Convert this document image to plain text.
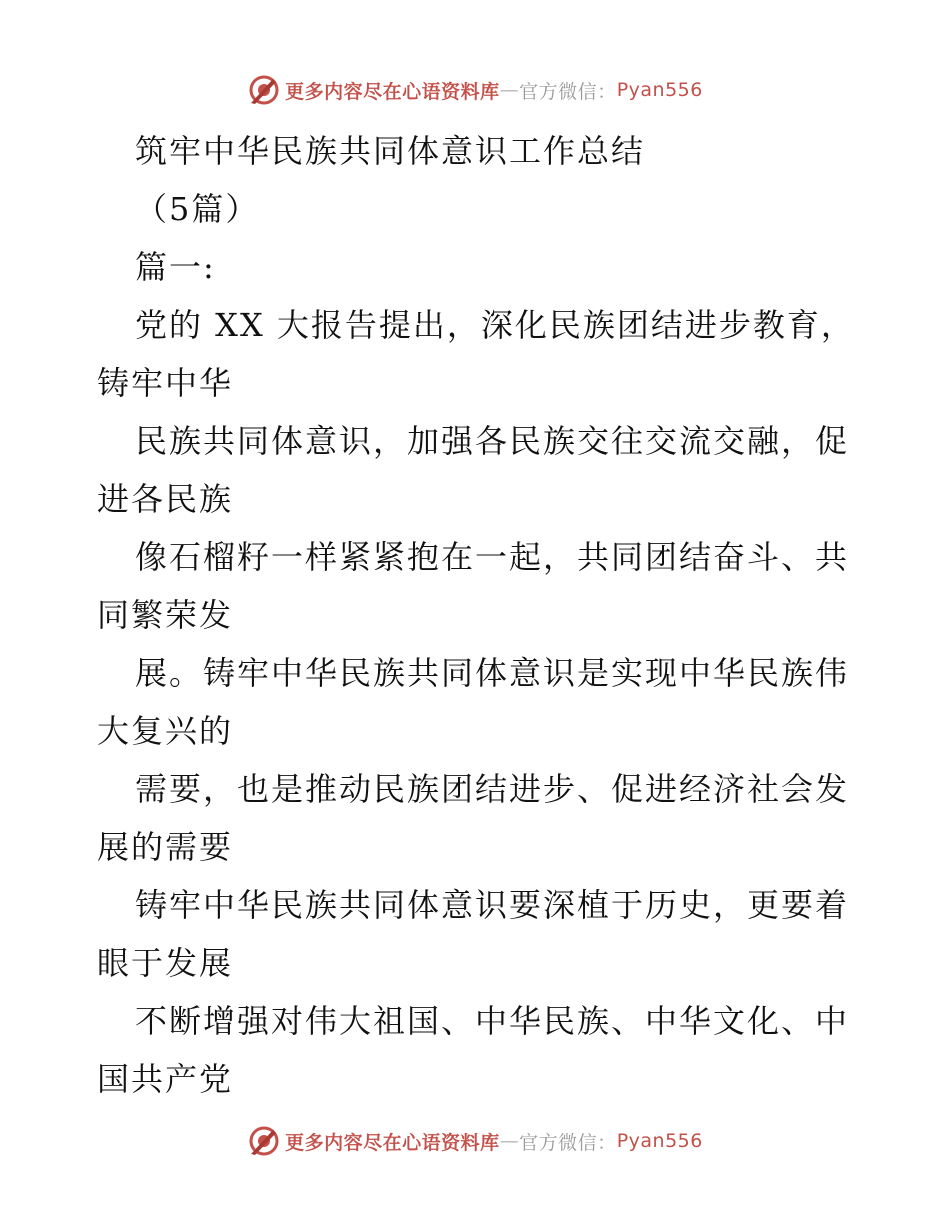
更多内容尽在心语资料库 — 官方微信： Pyan556
筑牢中华民族共同体意识工作总结
（5篇）
篇一:
党的 XX 大报告提出，深化民族团结进步教育，
铸牢中华
民族共同体意识，加强各民族交往交流交融，促
进各民族
像石榴籽一样紧紧抱在一起，共同团结奋斗、共
同繁荣发
展。铸牢中华民族共同体意识是实现中华民族伟
大复兴的
需要，也是推动民族团结进步、促进经济社会发
展的需要
铸牢中华民族共同体意识要深植于历史，更要着
眼于发展
不断增强对伟大祖国、中华民族、中华文化、中
国共产党
更多内容尽在心语资料库 — 官方微信： Pyan556
